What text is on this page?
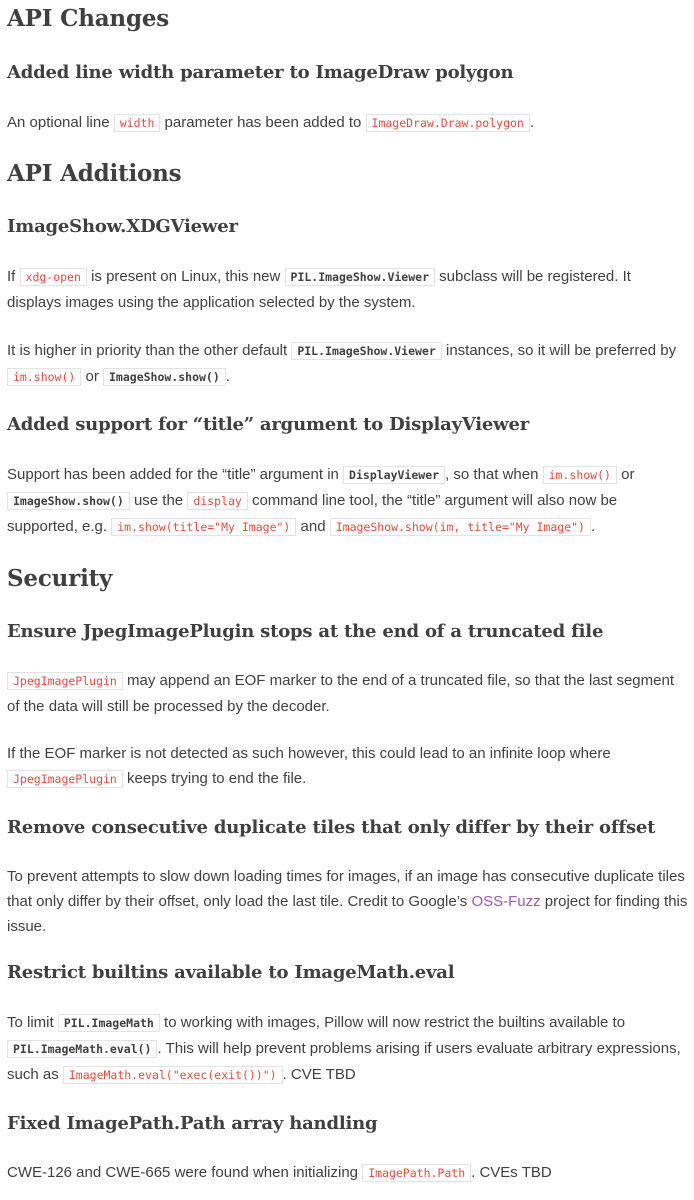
API Changes
Added line width parameter to ImageDraw polygon

An optional line width parameter has been added to ImageDraw.Draw.polygon .

API Additions
ImageShow.XDGViewer

If xdg-open is present on Linux, this new PIL.ImageShow.Viewer subclass will be registered. It displays images using the application selected by the system.

It is higher in priority than the other default PIL.ImageShow.Viewer instances, so it will be preferred by im.show() or ImageShow.show() .

Added support for “title” argument to DisplayViewer

Support has been added for the “title” argument in DisplayViewer , so that when im.show() or ImageShow.show() use the display command line tool, the “title” argument will also now be supported, e.g. im.show(title="My Image") and ImageShow.show(im, title="My Image") .

Security
Ensure JpegImagePlugin stops at the end of a truncated file

JpegImagePlugin may append an EOF marker to the end of a truncated file, so that the last segment of the data will still be processed by the decoder.

If the EOF marker is not detected as such however, this could lead to an infinite loop where JpegImagePlugin keeps trying to end the file.

Remove consecutive duplicate tiles that only differ by their offset

To prevent attempts to slow down loading times for images, if an image has consecutive duplicate tiles that only differ by their offset, only load the last tile. Credit to Google’s OSS-Fuzz project for finding this issue.

Restrict builtins available to ImageMath.eval

To limit PIL.ImageMath to working with images, Pillow will now restrict the builtins available to PIL.ImageMath.eval() . This will help prevent problems arising if users evaluate arbitrary expressions, such as ImageMath.eval("exec(exit())") . CVE TBD

Fixed ImagePath.Path array handling

CWE-126 and CWE-665 were found when initializing ImagePath.Path . CVEs TBD
